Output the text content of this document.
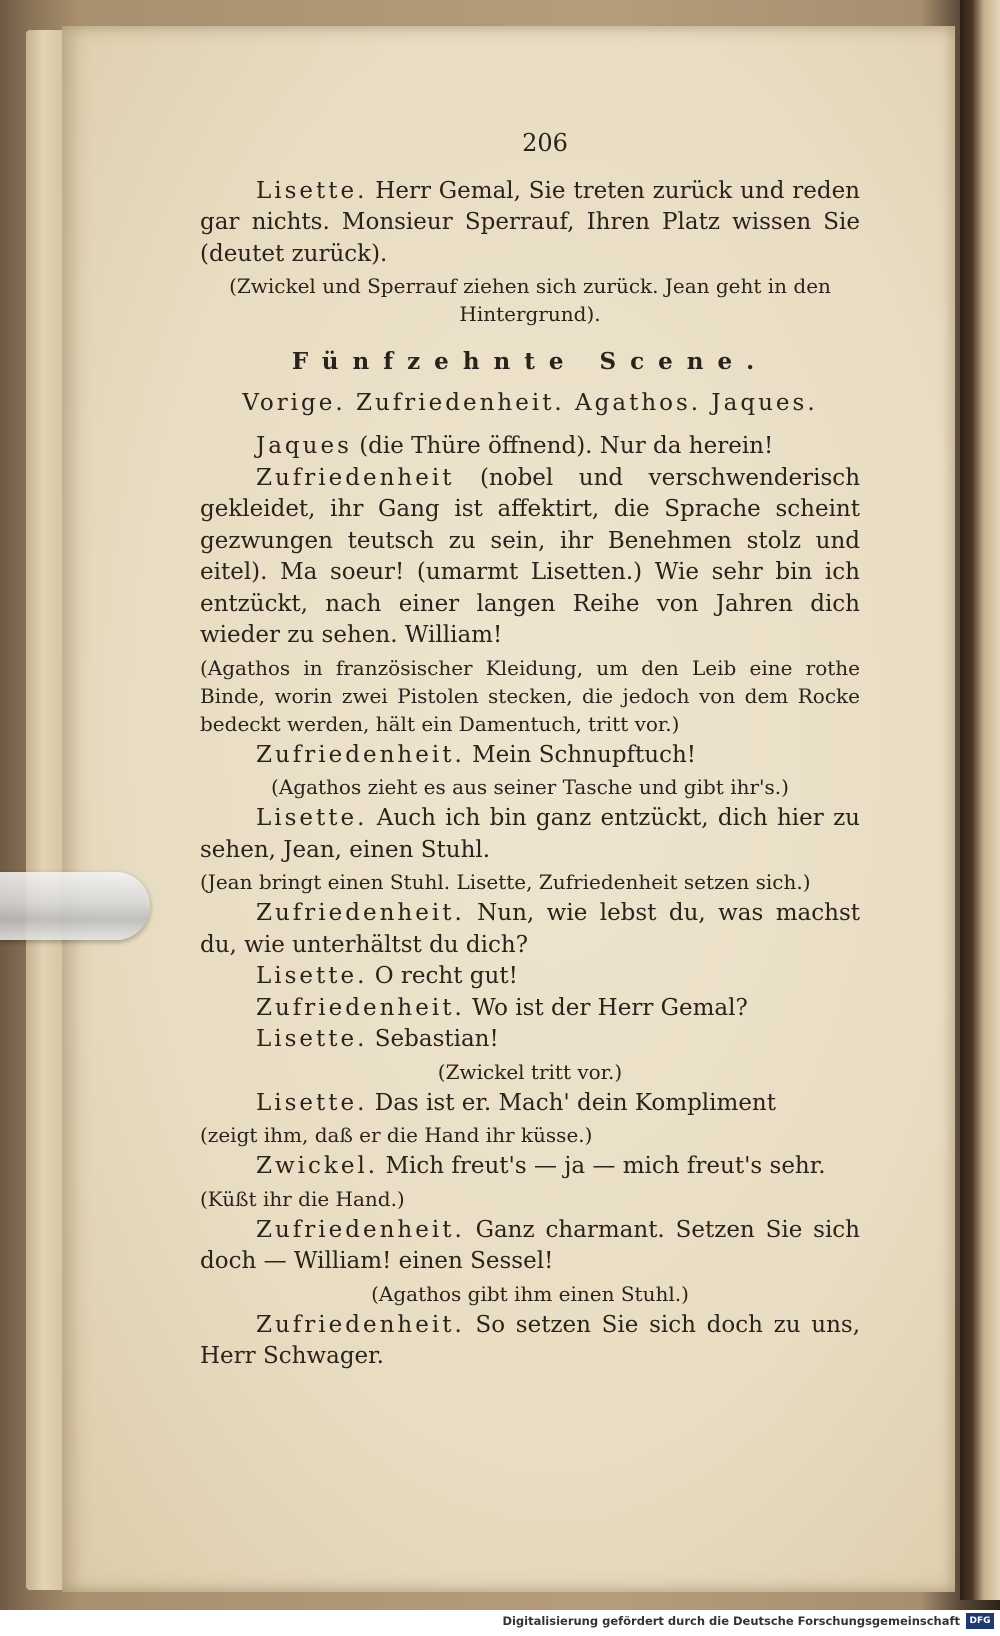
206

Lisette. Herr Gemal, Sie treten zurück und reden gar nichts. Monsieur Sperrauf, Ihren Platz wissen Sie (deutet zurück).

(Zwickel und Sperrauf ziehen sich zurück. Jean geht in den Hintergrund).

Fünfzehnte Scene.
Vorige. Zufriedenheit. Agathos. Jaques.

Jaques (die Thüre öffnend). Nur da herein!

Zufriedenheit (nobel und verschwenderisch gekleidet, ihr Gang ist affektirt, die Sprache scheint gezwungen teutsch zu sein, ihr Benehmen stolz und eitel). Ma soeur! (umarmt Lisetten.) Wie sehr bin ich entzückt, nach einer langen Reihe von Jahren dich wieder zu sehen. William!

(Agathos in französischer Kleidung, um den Leib eine rothe Binde, worin zwei Pistolen stecken, die jedoch von dem Rocke bedeckt werden, hält ein Damentuch, tritt vor.)

Zufriedenheit. Mein Schnupftuch!

(Agathos zieht es aus seiner Tasche und gibt ihr's.)

Lisette. Auch ich bin ganz entzückt, dich hier zu sehen, Jean, einen Stuhl.

(Jean bringt einen Stuhl. Lisette, Zufriedenheit setzen sich.)

Zufriedenheit. Nun, wie lebst du, was machst du, wie unterhältst du dich?

Lisette. O recht gut!

Zufriedenheit. Wo ist der Herr Gemal?

Lisette. Sebastian!

(Zwickel tritt vor.)

Lisette. Das ist er. Mach' dein Kompliment

(zeigt ihm, daß er die Hand ihr küsse.)

Zwickel. Mich freut's — ja — mich freut's sehr.

(Küßt ihr die Hand.)

Zufriedenheit. Ganz charmant. Setzen Sie sich doch — William! einen Sessel!

(Agathos gibt ihm einen Stuhl.)

Zufriedenheit. So setzen Sie sich doch zu uns, Herr Schwager.

Digitalisierung gefördert durch die Deutsche Forschungsgemeinschaft	DFG
